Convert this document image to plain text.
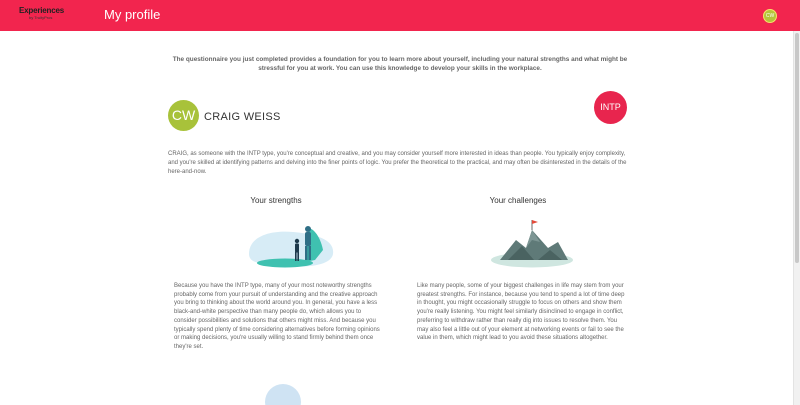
Experiences
by TruityPros	My profile	CW

The questionnaire you just completed provides a foundation for you to learn more about yourself, including your natural strengths and what might be stressful for you at work. You can use this knowledge to develop your skills in the workplace.

CW CRAIG WEISS
INTP

CRAIG, as someone with the INTP type, you're conceptual and creative, and you may consider yourself more interested in ideas than people. You typically enjoy complexity, and you're skilled at identifying patterns and delving into the finer points of logic. You prefer the theoretical to the practical, and may often be disinterested in the details of the here-and-now.

Your strengths

Because you have the INTP type, many of your most noteworthy strengths probably come from your pursuit of understanding and the creative approach you bring to thinking about the world around you. In general, you have a less black-and-white perspective than many people do, which allows you to consider possibilities and solutions that others might miss. And because you typically spend plenty of time considering alternatives before forming opinions or making decisions, you're usually willing to stand firmly behind them once they're set.

Your challenges

Like many people, some of your biggest challenges in life may stem from your greatest strengths. For instance, because you tend to spend a lot of time deep in thought, you might occasionally struggle to focus on others and show them you're really listening. You might feel similarly disinclined to engage in conflict, preferring to withdraw rather than really dig into issues to resolve them. You may also feel a little out of your element at networking events or fail to see the value in them, which might lead to you avoid these situations altogether.
